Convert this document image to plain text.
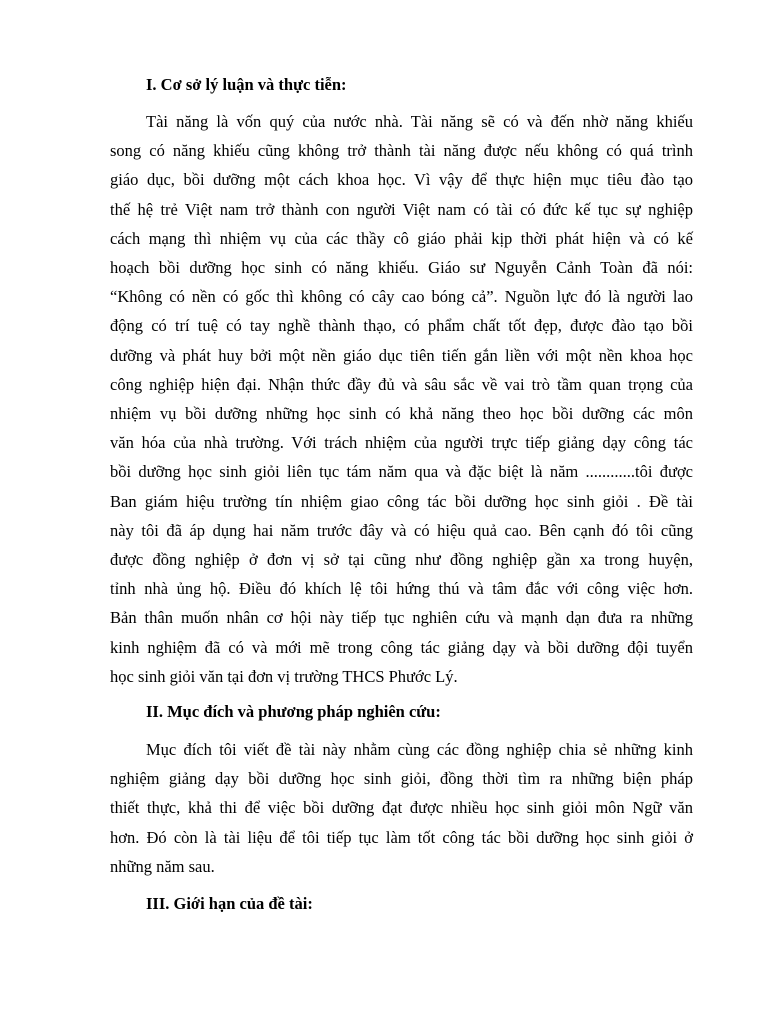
I. Cơ sở lý luận và thực tiễn:
Tài năng là vốn quý của nước nhà. Tài năng sẽ có và đến nhờ năng khiếu
song có năng khiếu cũng không trở thành tài năng được nếu không có quá trình
giáo dục, bồi dưỡng một cách khoa học. Vì vậy để thực hiện mục tiêu đào tạo
thế hệ trẻ Việt nam trở thành con người Việt nam có tài có đức kế tục sự nghiệp
cách mạng thì nhiệm vụ của các thầy cô giáo phải kịp thời phát hiện và có kế
hoạch bồi dưỡng học sinh có năng khiếu. Giáo sư Nguyễn Cảnh Toàn đã nói:
“Không có nền có gốc thì không có cây cao bóng cả”. Nguồn lực đó là người lao
động có trí tuệ có tay nghề thành thạo, có phẩm chất tốt đẹp, được đào tạo bồi
dưỡng và phát huy bởi một nền giáo dục tiên tiến gắn liền với một nền khoa học
công nghiệp hiện đại. Nhận thức đầy đủ và sâu sắc về vai trò tầm quan trọng của
nhiệm vụ bồi dưỡng những học sinh có khả năng theo học bồi dưỡng các môn
văn hóa của nhà trường. Với trách nhiệm của người trực tiếp giảng dạy công tác
bồi dưỡng học sinh giỏi liên tục tám năm qua và đặc biệt là năm ............tôi được
Ban giám hiệu trường tín nhiệm giao công tác bồi dưỡng học sinh giỏi . Đề tài
này tôi đã áp dụng hai năm trước đây và có hiệu quả cao. Bên cạnh đó tôi cũng
được đồng nghiệp ở đơn vị sở tại cũng như đồng nghiệp gần xa trong huyện,
tỉnh nhà ủng hộ. Điều đó khích lệ tôi hứng thú và tâm đắc với công việc hơn.
Bản thân muốn nhân cơ hội này tiếp tục nghiên cứu và mạnh dạn đưa ra những
kinh nghiệm đã có và mới mẽ trong công tác giảng dạy và bồi dưỡng đội tuyển
học sinh giỏi văn tại đơn vị trường THCS Phước Lý.
II. Mục đích và phương pháp nghiên cứu:
Mục đích tôi viết đề tài này nhằm cùng các đồng nghiệp chia sẻ những kinh
nghiệm giảng dạy bồi dưỡng học sinh giỏi, đồng thời tìm ra những biện pháp
thiết thực, khả thi để việc bồi dưỡng đạt được nhiều học sinh giỏi môn Ngữ văn
hơn. Đó còn là tài liệu để tôi tiếp tục làm tốt công tác bồi dưỡng học sinh giỏi ở
những năm sau.
III. Giới hạn của đề tài:
